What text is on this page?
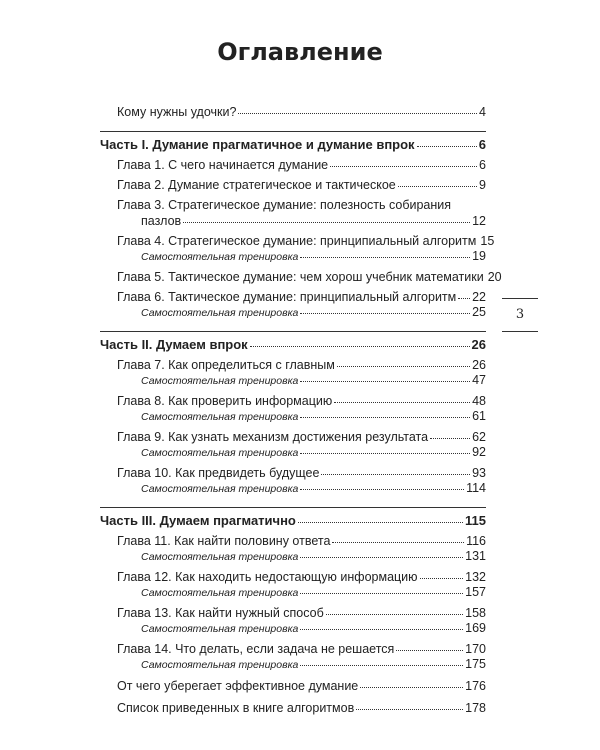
Оглавление
Кому нужны удочки?	4
Часть I. Думание прагматичное и думание впрок	6
Глава 1. С чего начинается думание	6
Глава 2. Думание стратегическое и тактическое	9
Глава 3. Стратегическое думание: полезность собирания
пазлов	12
Глава 4. Стратегическое думание: принципиальный алгоритм 15
Самостоятельная тренировка	19
Глава 5. Тактическое думание: чем хорош учебник математики 20
Глава 6. Тактическое думание: принципиальный алгоритм 22
Самостоятельная тренировка	25
Часть II. Думаем впрок	26
Глава 7. Как определиться с главным	26
Самостоятельная тренировка	47
Глава 8. Как проверить информацию	48
Самостоятельная тренировка	61
Глава 9. Как узнать механизм достижения результата	62
Самостоятельная тренировка	92
Глава 10. Как предвидеть будущее	93
Самостоятельная тренировка	114
Часть III. Думаем прагматично	115
Глава 11. Как найти половину ответа	116
Самостоятельная тренировка	131
Глава 12. Как находить недостающую информацию	132
Самостоятельная тренировка	157
Глава 13. Как найти нужный способ	158
Самостоятельная тренировка	169
Глава 14. Что делать, если задача не решается	170
Самостоятельная тренировка	175
От чего уберегает эффективное думание	176
Список приведенных в книге алгоритмов	178
3
